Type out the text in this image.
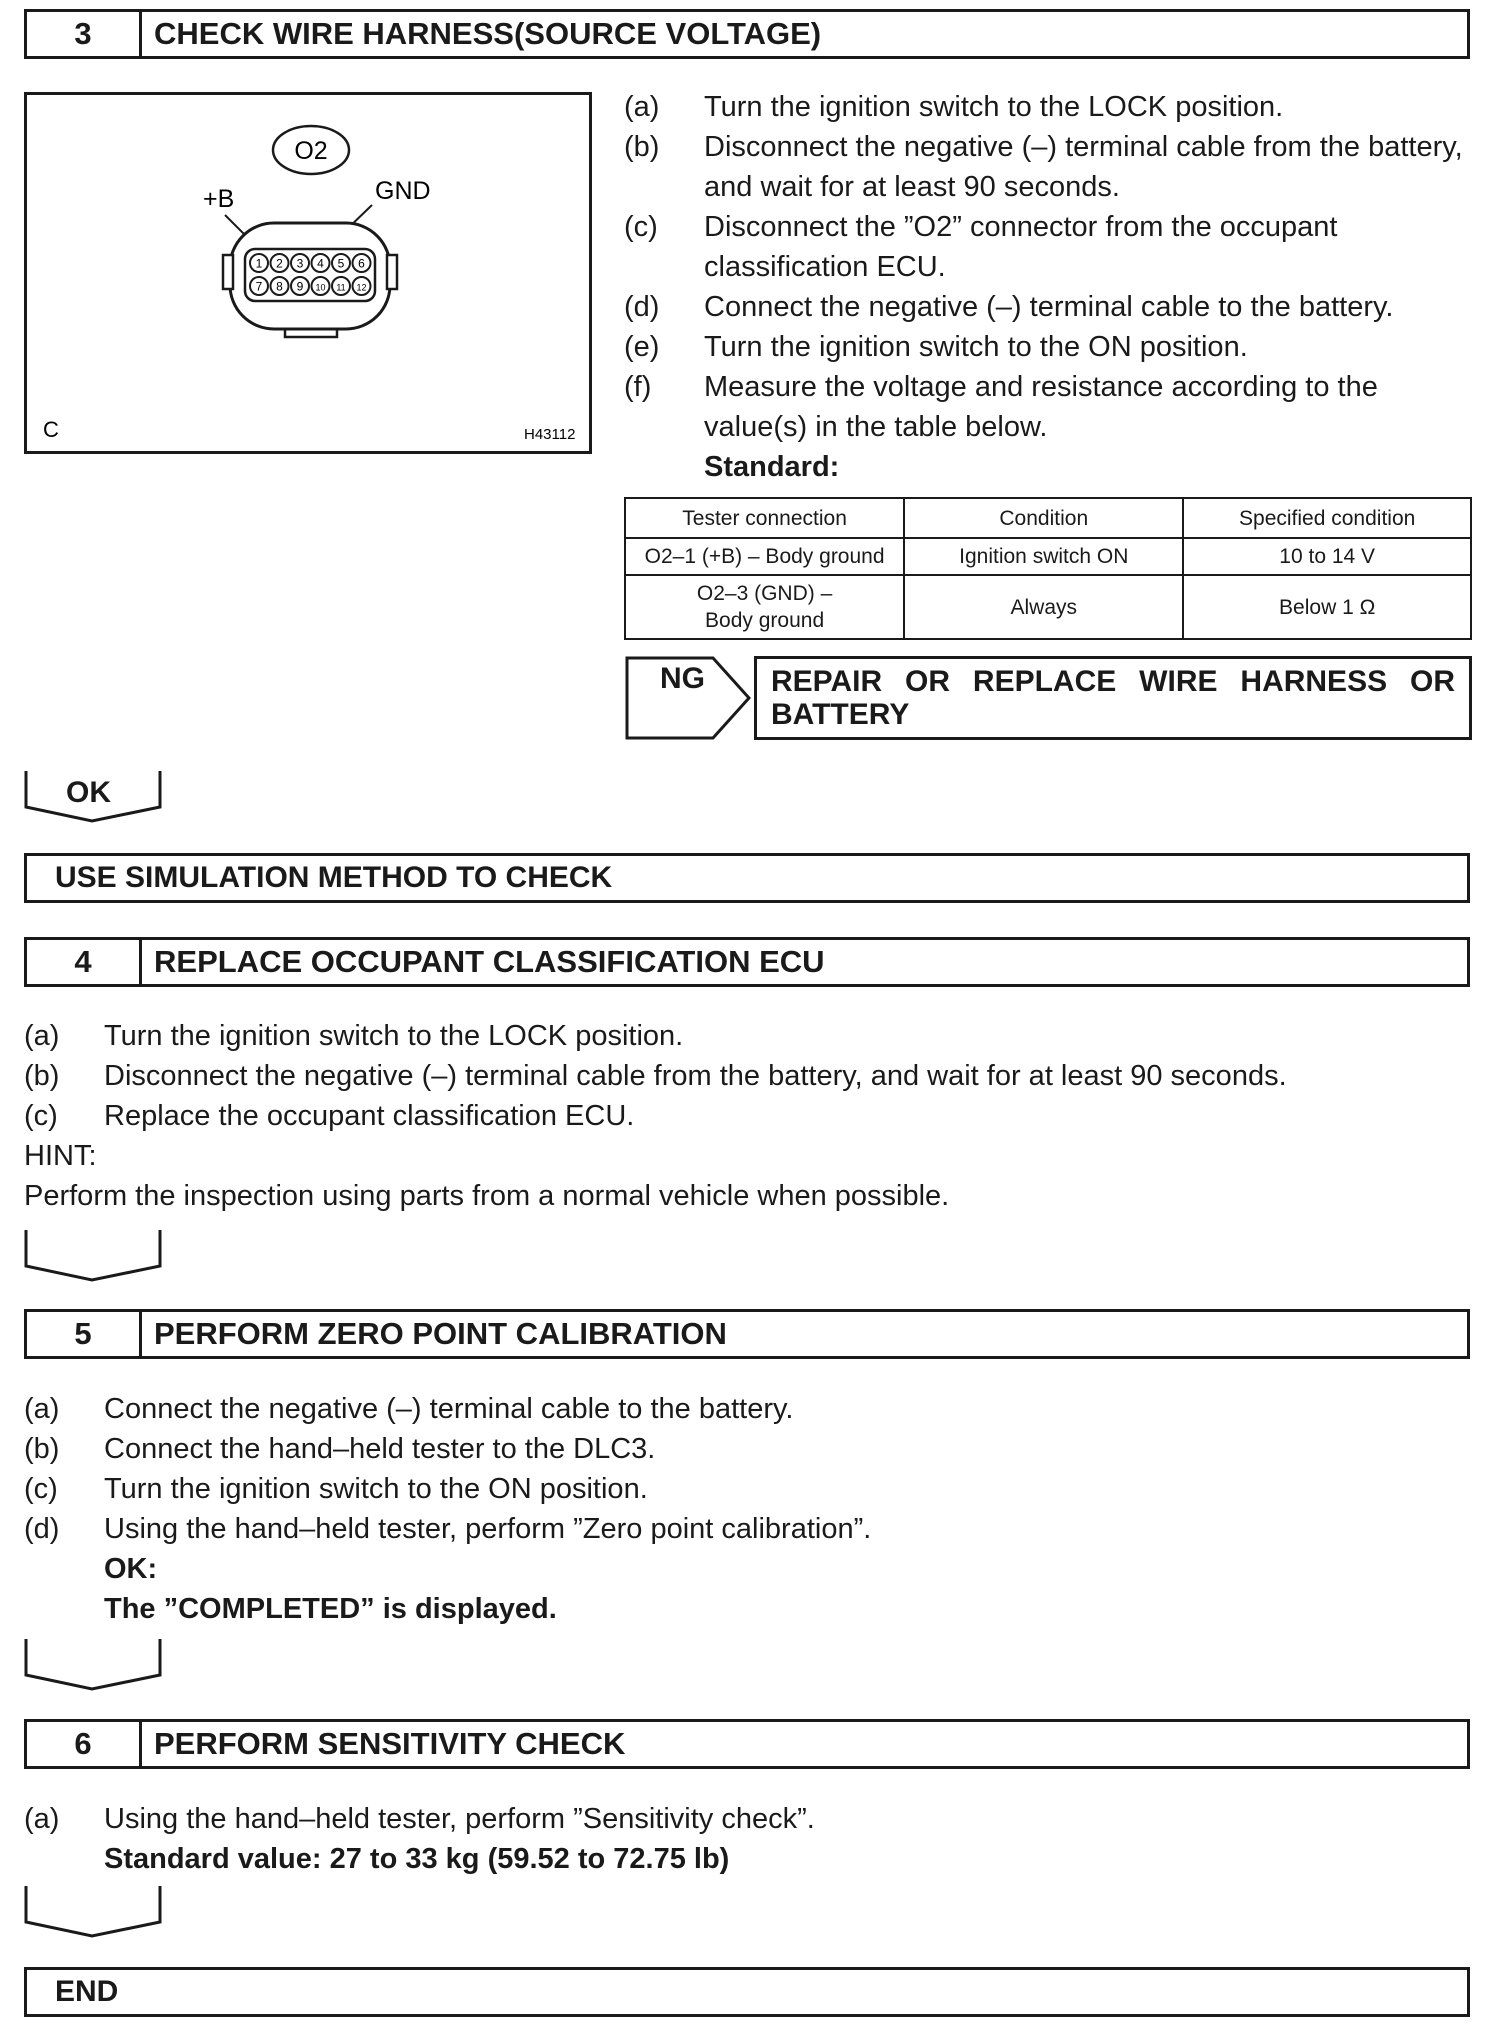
3	CHECK WIRE HARNESS(SOURCE VOLTAGE)
O2
+B	GND
1 2 3 4 5 6
7 8 9 10 11 12
C	H43112
(a)	Turn the ignition switch to the LOCK position.
(b)	Disconnect the negative (–) terminal cable from the battery, and wait for at least 90 seconds.
(c)	Disconnect the ”O2” connector from the occupant classification ECU.
(d)	Connect the negative (–) terminal cable to the battery.
(e)	Turn the ignition switch to the ON position.
(f)	Measure the voltage and resistance according to the value(s) in the table below.
Standard:
Tester connection	Condition	Specified condition
O2–1 (+B) – Body ground	Ignition switch ON	10 to 14 V

O2–3 (GND) –
Body ground	Always	Below 1 Ω
NG	REPAIR OR REPLACE WIRE HARNESS OR BATTERY
OK
USE SIMULATION METHOD TO CHECK
4	REPLACE OCCUPANT CLASSIFICATION ECU
(a)	Turn the ignition switch to the LOCK position.
(b)	Disconnect the negative (–) terminal cable from the battery, and wait for at least 90 seconds.
(c)	Replace the occupant classification ECU.
HINT:
Perform the inspection using parts from a normal vehicle when possible.
5	PERFORM ZERO POINT CALIBRATION
(a)	Connect the negative (–) terminal cable to the battery.
(b)	Connect the hand–held tester to the DLC3.
(c)	Turn the ignition switch to the ON position.
(d)	Using the hand–held tester, perform ”Zero point calibration”.
OK:
The ”COMPLETED” is displayed.
6	PERFORM SENSITIVITY CHECK
(a)	Using the hand–held tester, perform ”Sensitivity check”.
Standard value: 27 to 33 kg (59.52 to 72.75 lb)
END
